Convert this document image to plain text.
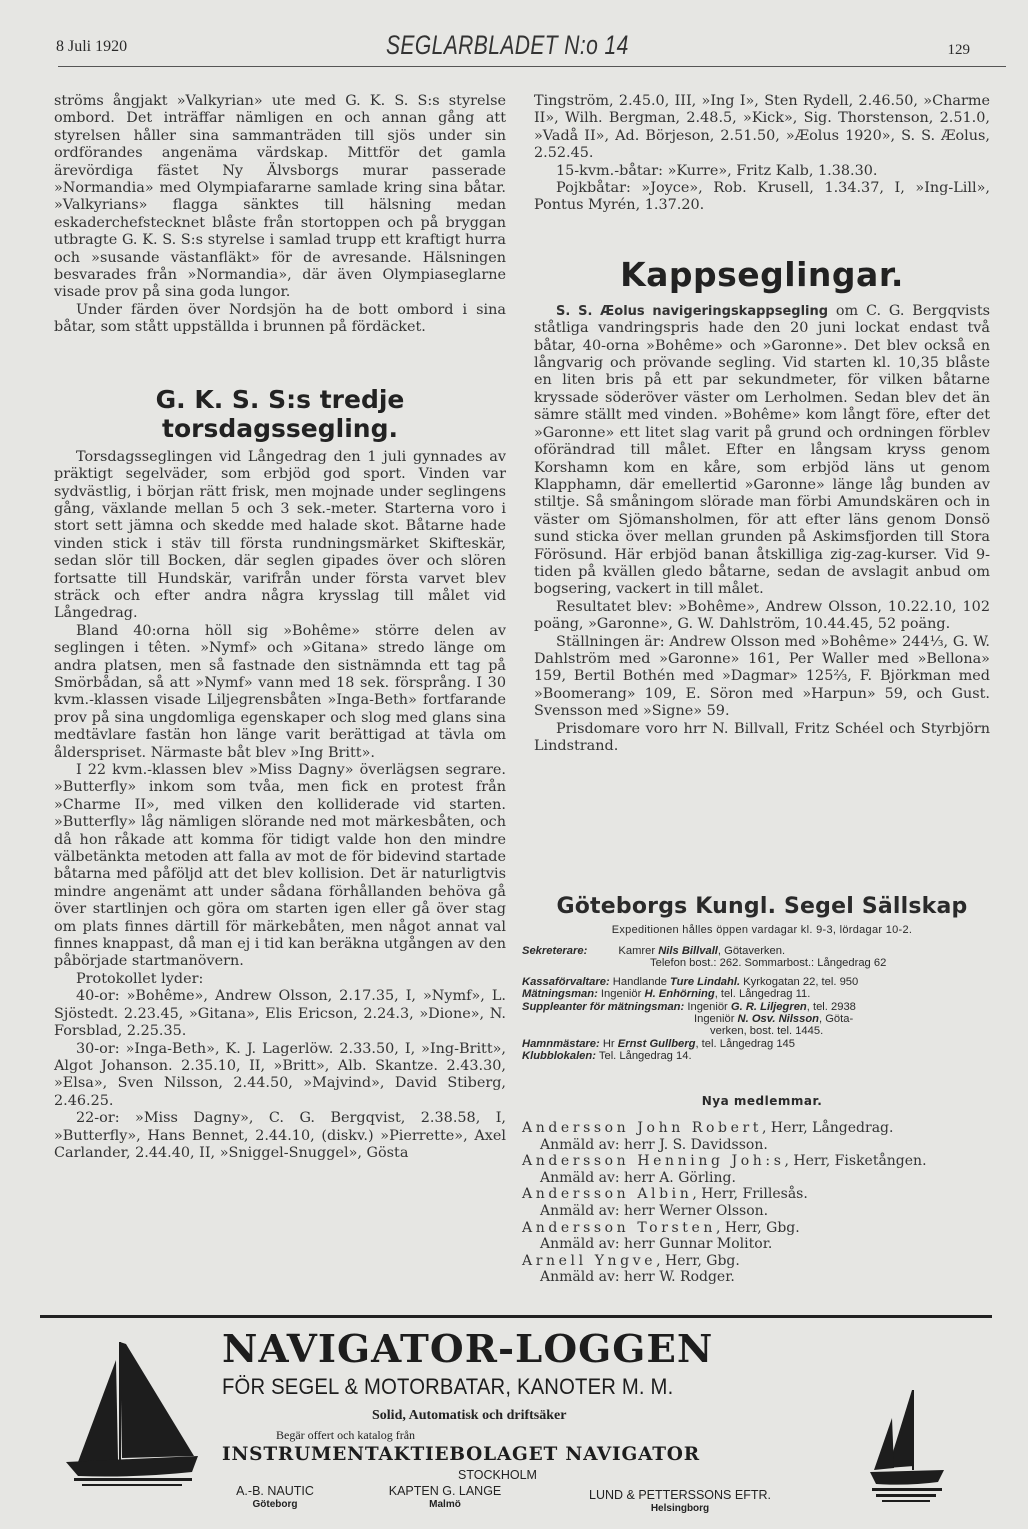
8 Juli 1920	SEGLARBLADET N:o 14	129

ströms ångjakt »Valkyrian» ute med G. K. S. S:s styrelse ombord. Det inträffar nämligen en och annan gång att styrelsen håller sina sammanträden till sjös under sin ordförandes angenäma värdskap. Mittför det gamla ärevördiga fästet Ny Älvsborgs murar passerade »Normandia» med Olympiafararne samlade kring sina båtar. »Valkyrians» flagga sänktes till hälsning medan eskaderchefstecknet blåste från stortoppen och på bryggan utbragte G. K. S. S:s styrelse i samlad trupp ett kraftigt hurra och »susande västanfläkt» för de avresande. Hälsningen besvarades från »Normandia», där även Olympiaseglarne visade prov på sina goda lungor.

Under färden över Nordsjön ha de bott ombord i sina båtar, som stått uppställda i brunnen på fördäcket.

G. K. S. S:s tredje
torsdagssegling.

Torsdagsseglingen vid Långedrag den 1 juli gynnades av präktigt segelväder, som erbjöd god sport. Vinden var sydvästlig, i början rätt frisk, men mojnade under seglingens gång, växlande mellan 5 och 3 sek.-meter. Starterna voro i stort sett jämna och skedde med halade skot. Båtarne hade vinden stick i stäv till första rundningsmärket Skifteskär, sedan slör till Bocken, där seglen gipades över och slören fortsatte till Hundskär, varifrån under första varvet blev sträck och efter andra några krysslag till målet vid Långedrag.

Bland 40:orna höll sig »Bohême» större delen av seglingen i têten. »Nymf» och »Gitana» stredo länge om andra platsen, men så fastnade den sistnämnda ett tag på Smörbådan, så att »Nymf» vann med 18 sek. försprång. I 30 kvm.-klassen visade Liljegrensbåten »Inga-Beth» fortfarande prov på sina ungdomliga egenskaper och slog med glans sina medtävlare fastän hon länge varit berättigad at tävla om ålderspriset. Närmaste båt blev »Ing Britt».

I 22 kvm.-klassen blev »Miss Dagny» överlägsen segrare. »Butterfly» inkom som tvåa, men fick en protest från »Charme II», med vilken den kolliderade vid starten. »Butterfly» låg nämligen slörande ned mot märkesbåten, och då hon råkade att komma för tidigt valde hon den mindre välbetänkta metoden att falla av mot de för bidevind startade båtarna med påföljd att det blev kollision. Det är naturligtvis mindre angenämt att under sådana förhållanden behöva gå över startlinjen och göra om starten igen eller gå över stag om plats finnes därtill för märkebåten, men något annat val finnes knappast, då man ej i tid kan beräkna utgången av den påbörjade startmanövern.

Protokollet lyder:

40-or: »Bohême», Andrew Olsson, 2.17.35, I, »Nymf», L. Sjöstedt. 2.23.45, »Gitana», Elis Ericson, 2.24.3, »Dione», N. Forsblad, 2.25.35.

30-or: »Inga-Beth», K. J. Lagerlöw. 2.33.50, I, »Ing-Britt», Algot Johanson. 2.35.10, II, »Britt», Alb. Skantze. 2.43.30, »Elsa», Sven Nilsson, 2.44.50, »Majvind», David Stiberg, 2.46.25.

22-or: »Miss Dagny», C. G. Bergqvist, 2.38.58, I, »Butterfly», Hans Bennet, 2.44.10, (diskv.) »Pierrette», Axel Carlander, 2.44.40, II, »Sniggel-Snuggel», Gösta

Tingström, 2.45.0, III, »Ing I», Sten Rydell, 2.46.50, »Charme II», Wilh. Bergman, 2.48.5, »Kick», Sig. Thorstenson, 2.51.0, »Vadå II», Ad. Börjeson, 2.51.50, »Æolus 1920», S. S. Æolus, 2.52.45.

15-kvm.-båtar: »Kurre», Fritz Kalb, 1.38.30.

Pojkbåtar: »Joyce», Rob. Krusell, 1.34.37, I, »Ing-Lill», Pontus Myrén, 1.37.20.

Kappseglingar.

S. S. Æolus navigeringskappsegling om C. G. Bergqvists ståtliga vandringspris hade den 20 juni lockat endast två båtar, 40-orna »Bohême» och »Garonne». Det blev också en långvarig och prövande segling. Vid starten kl. 10,35 blåste en liten bris på ett par sekundmeter, för vilken båtarne kryssade söderöver väster om Lerholmen. Sedan blev det än sämre ställt med vinden. »Bohême» kom långt före, efter det »Garonne» ett litet slag varit på grund och ordningen förblev oförändrad till målet. Efter en långsam kryss genom Korshamn kom en kåre, som erbjöd läns ut genom Klapphamn, där emellertid »Garonne» länge låg bunden av stiltje. Så småningom slörade man förbi Amundskären och in väster om Sjömansholmen, för att efter läns genom Donsö sund sticka över mellan grunden på Askimsfjorden till Stora Förösund. Här erbjöd banan åtskilliga zig-zag-kurser. Vid 9-tiden på kvällen gledo båtarne, sedan de avslagit anbud om bogsering, vackert in till målet.

Resultatet blev: »Bohême», Andrew Olsson, 10.22.10, 102 poäng, »Garonne», G. W. Dahlström, 10.44.45, 52 poäng.

Ställningen är: Andrew Olsson med »Bohême» 244⅓, G. W. Dahlström med »Garonne» 161, Per Waller med »Bellona» 159, Bertil Bothén med »Dagmar» 125⅔, F. Björkman med »Boomerang» 109, E. Söron med »Harpun» 59, och Gust. Svensson med »Signe» 59.

Prisdomare voro hrr N. Billvall, Fritz Schéel och Styrbjörn Lindstrand.

Göteborgs Kungl. Segel Sällskap
Expeditionen hålles öppen vardagar kl. 9-3, lördagar 10-2.
Sekreterare:	Kamrer Nils Billvall, Götaverken.
Telefon bost.: 262. Sommarbost.: Långedrag 62
Kassaförvaltare: Handlande Ture Lindahl. Kyrkogatan 22, tel. 950
Mätningsman: Ingeniör H. Enhörning, tel. Långedrag 11.
Suppleanter för mätningsman: Ingeniör G. R. Liljegren, tel. 2938
Ingeniör N. Osv. Nilsson, Göta-
verken, bost. tel. 1445.
Hamnmästare: Hr Ernst Gullberg, tel. Långedrag 145
Klubblokalen: Tel. Långedrag 14.
Nya medlemmar.
Andersson John Robert, Herr, Långedrag.
Anmäld av: herr J. S. Davidsson.
Andersson Henning Joh:s, Herr, Fisketången.
Anmäld av: herr A. Görling.
Andersson Albin, Herr, Frillesås.
Anmäld av: herr Werner Olsson.
Andersson Torsten, Herr, Gbg.
Anmäld av: herr Gunnar Molitor.
Arnell Yngve, Herr, Gbg.
Anmäld av: herr W. Rodger.
NAVIGATOR-LOGGEN
FÖR SEGEL & MOTORBATAR, KANOTER M. M.
Solid, Automatisk och driftsäker
Begär offert och katalog från
INSTRUMENTAKTIEBOLAGET NAVIGATOR
STOCKHOLM
A.-B. NAUTIC
Göteborg
KAPTEN G. LANGE
Malmö
LUND & PETTERSSONS EFTR.
Helsingborg
